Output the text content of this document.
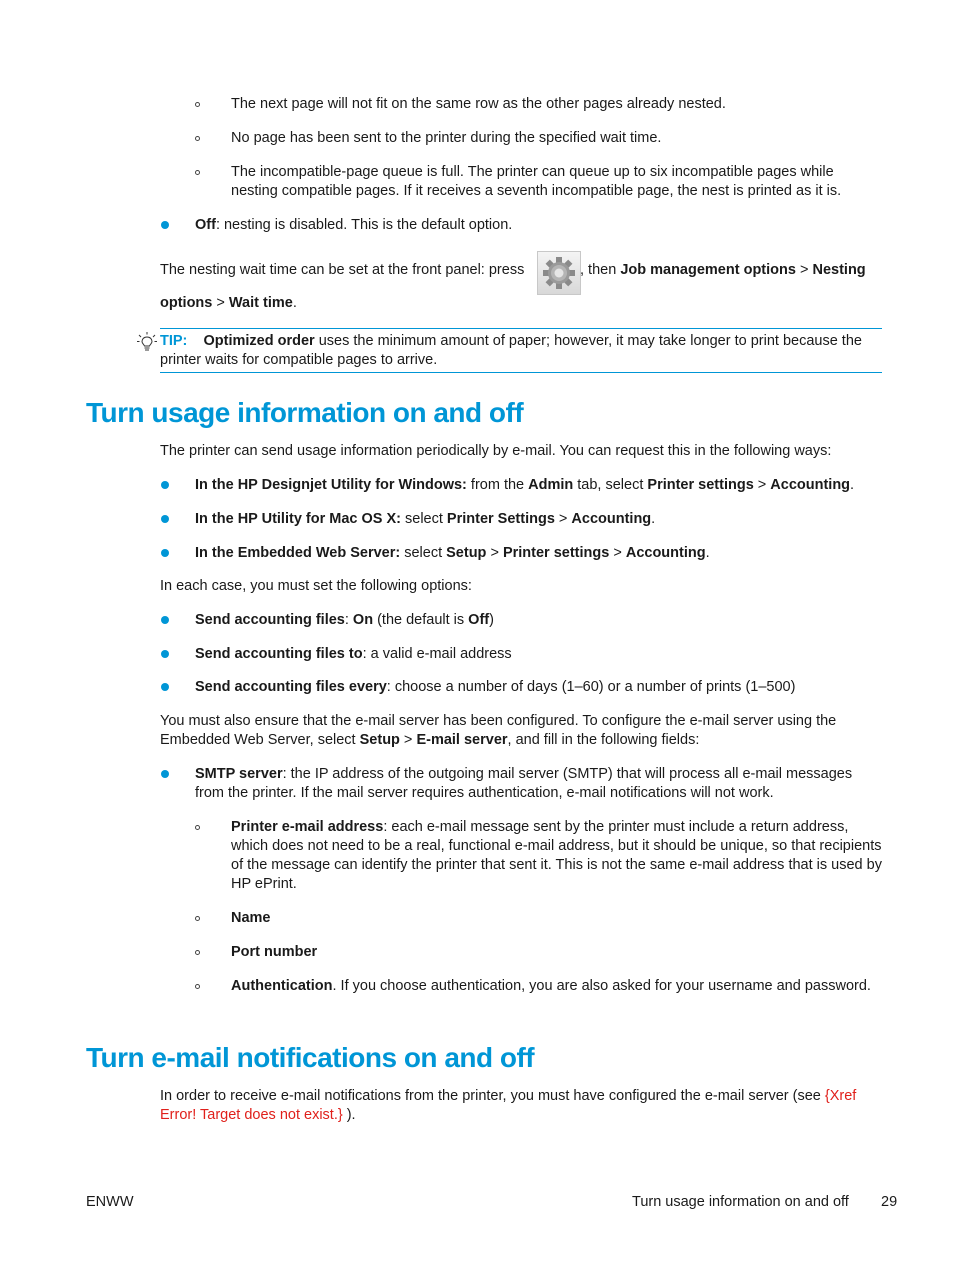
The next page will not fit on the same row as the other pages already nested.
No page has been sent to the printer during the specified wait time.
The incompatible-page queue is full. The printer can queue up to six incompatible pages while nesting compatible pages. If it receives a seventh incompatible page, the nest is printed as it is.
Off: nesting is disabled. This is the default option.
The nesting wait time can be set at the front panel: press	, then Job management options > Nesting
options > Wait time.
TIP: Optimized order uses the minimum amount of paper; however, it may take longer to print because the printer waits for compatible pages to arrive.
Turn usage information on and off
The printer can send usage information periodically by e-mail. You can request this in the following ways:
In the HP Designjet Utility for Windows: from the Admin tab, select Printer settings > Accounting.
In the HP Utility for Mac OS X: select Printer Settings > Accounting.
In the Embedded Web Server: select Setup > Printer settings > Accounting.
In each case, you must set the following options:
Send accounting files: On (the default is Off)
Send accounting files to: a valid e-mail address
Send accounting files every: choose a number of days (1–60) or a number of prints (1–500)
You must also ensure that the e-mail server has been configured. To configure the e-mail server using the Embedded Web Server, select Setup > E-mail server, and fill in the following fields:
SMTP server: the IP address of the outgoing mail server (SMTP) that will process all e-mail messages from the printer. If the mail server requires authentication, e-mail notifications will not work.
Printer e-mail address: each e-mail message sent by the printer must include a return address, which does not need to be a real, functional e-mail address, but it should be unique, so that recipients of the message can identify the printer that sent it. This is not the same e-mail address that is used by HP ePrint.
Name
Port number
Authentication. If you choose authentication, you are also asked for your username and password.
Turn e-mail notifications on and off
In order to receive e-mail notifications from the printer, you must have configured the e-mail server (see {Xref Error! Target does not exist.} ).
ENWW	Turn usage information on and off 29
